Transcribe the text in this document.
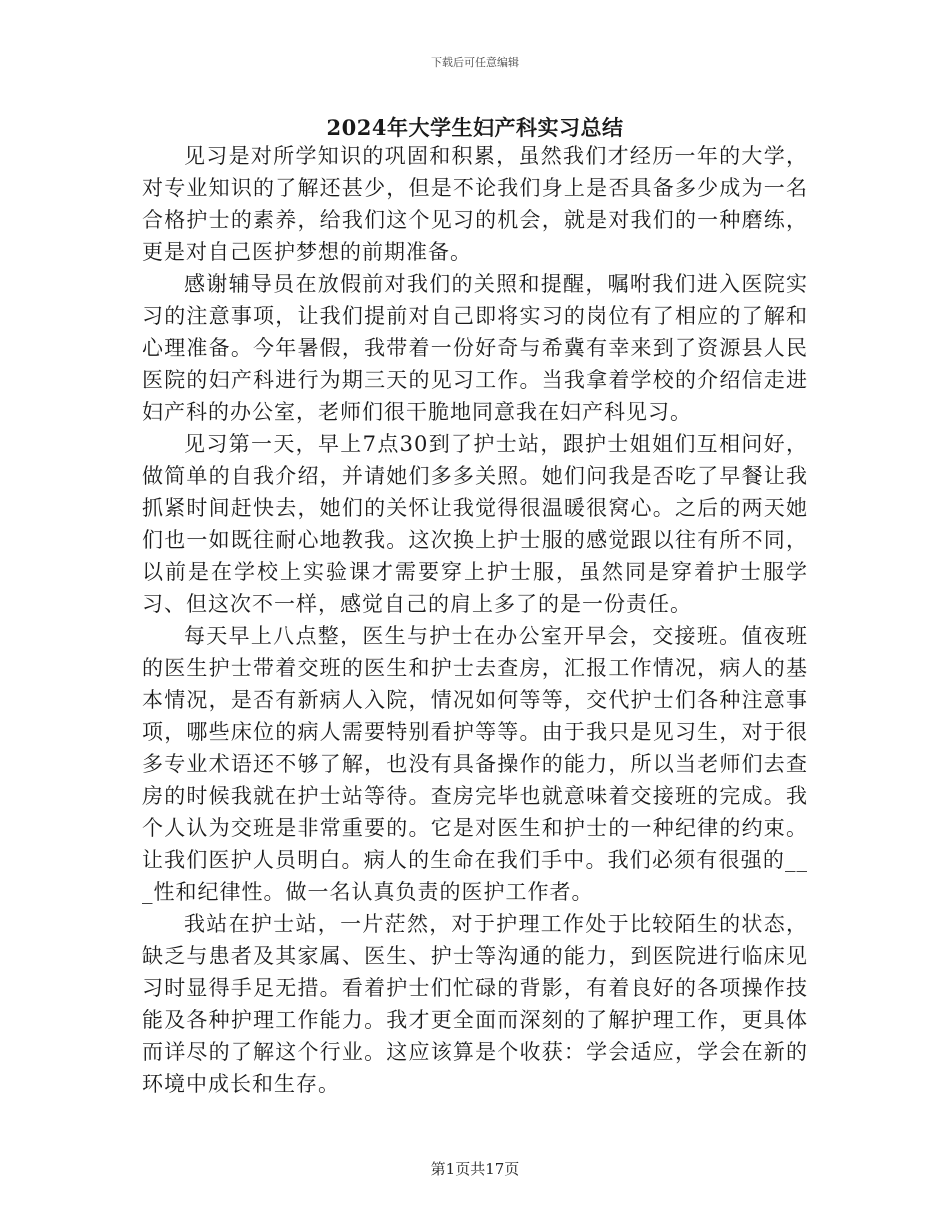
下载后可任意编辑
2024年大学生妇产科实习总结

见习是对所学知识的巩固和积累，虽然我们才经历一年的大学，对专业知识的了解还甚少，但是不论我们身上是否具备多少成为一名合格护士的素养，给我们这个见习的机会，就是对我们的一种磨练，更是对自己医护梦想的前期准备。

感谢辅导员在放假前对我们的关照和提醒，嘱咐我们进入医院实习的注意事项，让我们提前对自己即将实习的岗位有了相应的了解和心理准备。今年暑假，我带着一份好奇与希冀有幸来到了资源县人民医院的妇产科进行为期三天的见习工作。当我拿着学校的介绍信走进妇产科的办公室，老师们很干脆地同意我在妇产科见习。

见习第一天，早上7点30到了护士站，跟护士姐姐们互相问好，做简单的自我介绍，并请她们多多关照。她们问我是否吃了早餐让我抓紧时间赶快去，她们的关怀让我觉得很温暖很窝心。之后的两天她们也一如既往耐心地教我。这次换上护士服的感觉跟以往有所不同，以前是在学校上实验课才需要穿上护士服，虽然同是穿着护士服学习、但这次不一样，感觉自己的肩上多了的是一份责任。

每天早上八点整，医生与护士在办公室开早会，交接班。值夜班的医生护士带着交班的医生和护士去查房，汇报工作情况，病人的基本情况，是否有新病人入院，情况如何等等，交代护士们各种注意事项，哪些床位的病人需要特别看护等等。由于我只是见习生，对于很多专业术语还不够了解，也没有具备操作的能力，所以当老师们去查房的时候我就在护士站等待。查房完毕也就意味着交接班的完成。我个人认为交班是非常重要的。它是对医生和护士的一种纪律的约束。让我们医护人员明白。病人的生命在我们手中。我们必须有很强的___性和纪律性。做一名认真负责的医护工作者。

我站在护士站，一片茫然，对于护理工作处于比较陌生的状态，缺乏与患者及其家属、医生、护士等沟通的能力，到医院进行临床见习时显得手足无措。看着护士们忙碌的背影，有着良好的各项操作技能及各种护理工作能力。我才更全面而深刻的了解护理工作，更具体而详尽的了解这个行业。这应该算是个收获：学会适应，学会在新的环境中成长和生存。

第1页共17页
